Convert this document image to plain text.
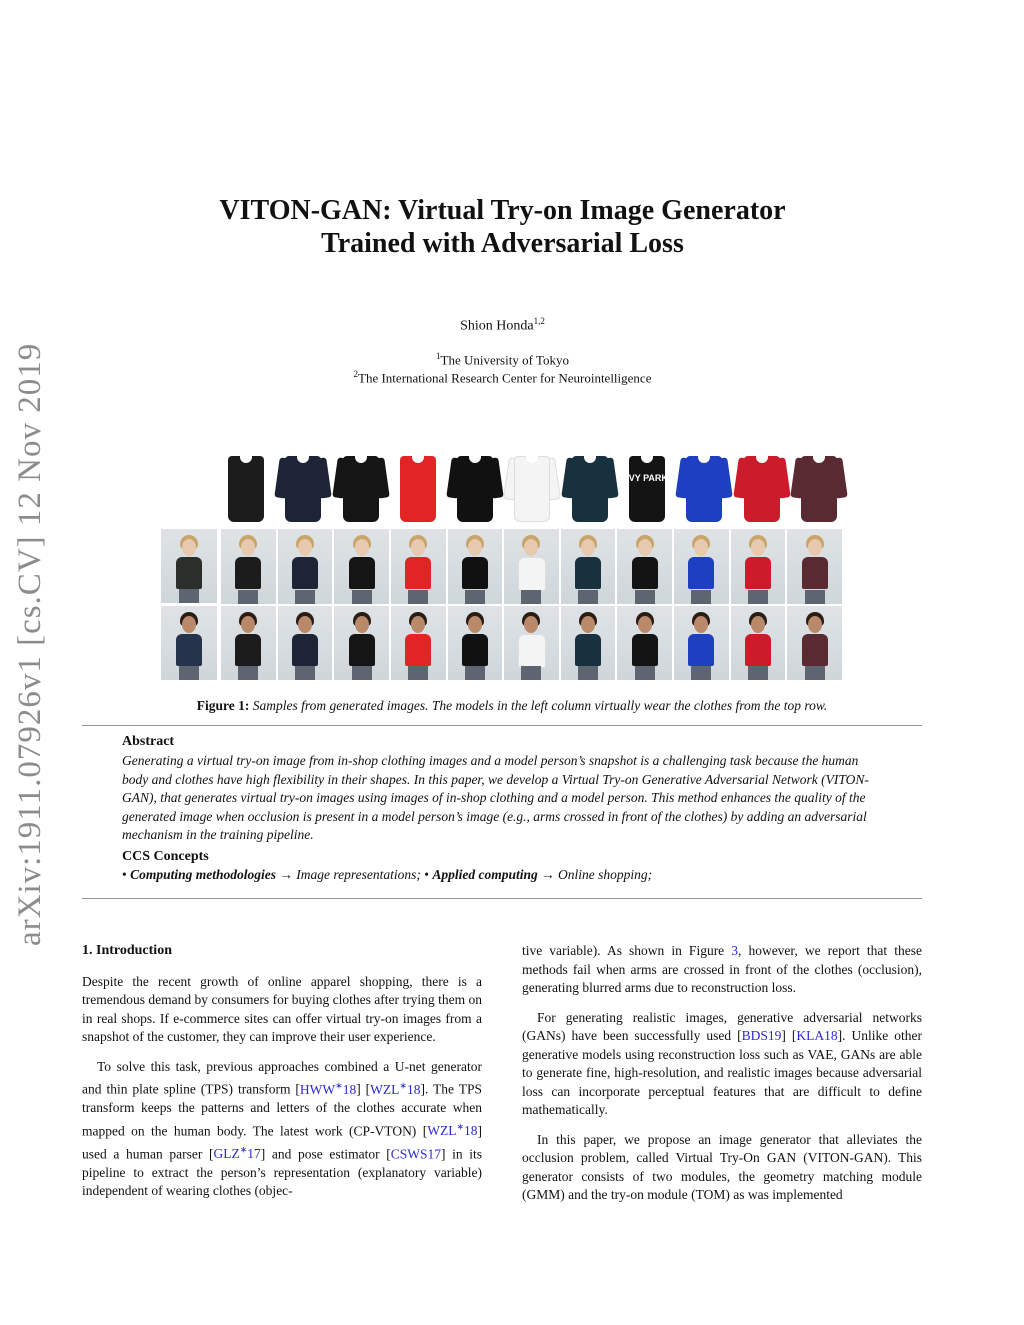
arXiv:1911.07926v1 [cs.CV] 12 Nov 2019
VITON-GAN: Virtual Try-on Image Generator
Trained with Adversarial Loss
Shion Honda$^{1,2}$
$^1$The University of Tokyo
$^2$The International Research Center for Neurointelligence
IVY PARK
Figure 1: Samples from generated images. The models in the left column virtually wear the clothes from the top row.
Abstract
Generating a virtual try-on image from in-shop clothing images and a model person’s snapshot is a challenging task because the human body and clothes have high flexibility in their shapes. In this paper, we develop a Virtual Try-on Generative Adversarial Network (VITON-GAN), that generates virtual try-on images using images of in-shop clothing and a model person. This method enhances the quality of the generated image when occlusion is present in a model person’s image (e.g., arms crossed in front of the clothes) by adding an adversarial mechanism in the training pipeline.
CCS Concepts
• Computing methodologies → Image representations; • Applied computing → Online shopping;
1. Introduction

Despite the recent growth of online apparel shopping, there is a tremendous demand by consumers for buying clothes after trying them on in real shops. If e-commerce sites can offer virtual try-on images from a snapshot of the customer, they can improve their user experience.

To solve this task, previous approaches combined a U-net generator and thin plate spline (TPS) transform [HWW∗18] [WZL∗18]. The TPS transform keeps the patterns and letters of the clothes accurate when mapped on the human body. The latest work (CP-VTON) [WZL∗18] used a human parser [GLZ∗17] and pose estimator [CSWS17] in its pipeline to extract the person’s representation (explanatory variable) independent of wearing clothes (objec-

tive variable). As shown in Figure 3, however, we report that these methods fail when arms are crossed in front of the clothes (occlusion), generating blurred arms due to reconstruction loss.

For generating realistic images, generative adversarial networks (GANs) have been successfully used [BDS19] [KLA18]. Unlike other generative models using reconstruction loss such as VAE, GANs are able to generate fine, high-resolution, and realistic images because adversarial loss can incorporate perceptual features that are difficult to define mathematically.

In this paper, we propose an image generator that alleviates the occlusion problem, called Virtual Try-On GAN (VITON-GAN). This generator consists of two modules, the geometry matching module (GMM) and the try-on module (TOM) as was implemented
